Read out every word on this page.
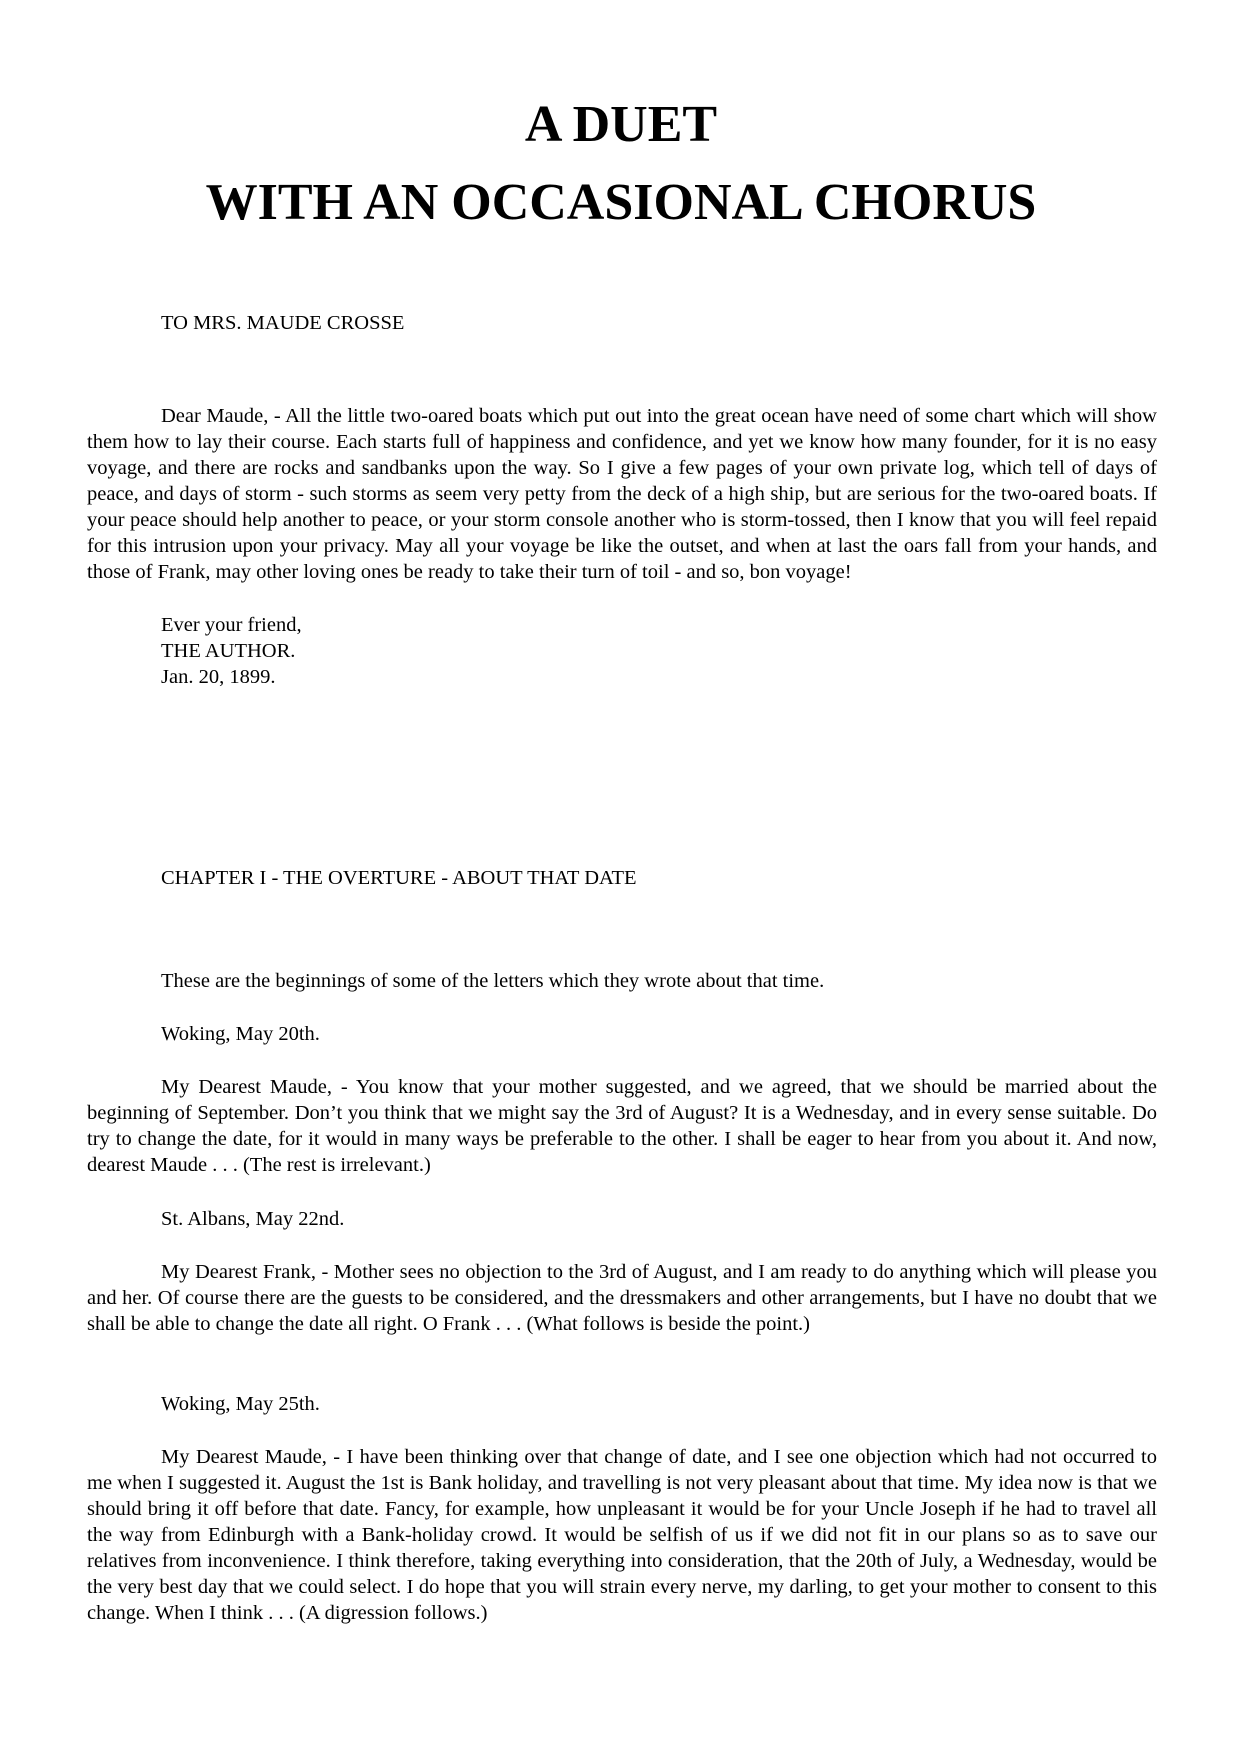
A DUET
WITH AN OCCASIONAL CHORUS

TO MRS. MAUDE CROSSE

Dear Maude, - All the little two-oared boats which put out into the great ocean have need of some chart which will show them how to lay their course. Each starts full of happiness and confidence, and yet we know how many founder, for it is no easy voyage, and there are rocks and sandbanks upon the way. So I give a few pages of your own private log, which tell of days of peace, and days of storm - such storms as seem very petty from the deck of a high ship, but are serious for the two-oared boats. If your peace should help another to peace, or your storm console another who is storm-tossed, then I know that you will feel repaid for this intrusion upon your privacy. May all your voyage be like the outset, and when at last the oars fall from your hands, and those of Frank, may other loving ones be ready to take their turn of toil - and so, bon voyage!

Ever your friend,

THE AUTHOR.

Jan. 20, 1899.

CHAPTER I - THE OVERTURE - ABOUT THAT DATE

These are the beginnings of some of the letters which they wrote about that time.

Woking, May 20th.

My Dearest Maude, - You know that your mother suggested, and we agreed, that we should be married about the beginning of September. Don’t you think that we might say the 3rd of August? It is a Wednesday, and in every sense suitable. Do try to change the date, for it would in many ways be preferable to the other. I shall be eager to hear from you about it. And now, dearest Maude . . . (The rest is irrelevant.)

St. Albans, May 22nd.

My Dearest Frank, - Mother sees no objection to the 3rd of August, and I am ready to do anything which will please you and her. Of course there are the guests to be considered, and the dressmakers and other arrangements, but I have no doubt that we shall be able to change the date all right. O Frank . . . (What follows is beside the point.)

Woking, May 25th.

My Dearest Maude, - I have been thinking over that change of date, and I see one objection which had not occurred to me when I suggested it. August the 1st is Bank holiday, and travelling is not very pleasant about that time. My idea now is that we should bring it off before that date. Fancy, for example, how unpleasant it would be for your Uncle Joseph if he had to travel all the way from Edinburgh with a Bank-holiday crowd. It would be selfish of us if we did not fit in our plans so as to save our relatives from inconvenience. I think therefore, taking everything into consideration, that the 20th of July, a Wednesday, would be the very best day that we could select. I do hope that you will strain every nerve, my darling, to get your mother to consent to this change. When I think . . . (A digression follows.)
